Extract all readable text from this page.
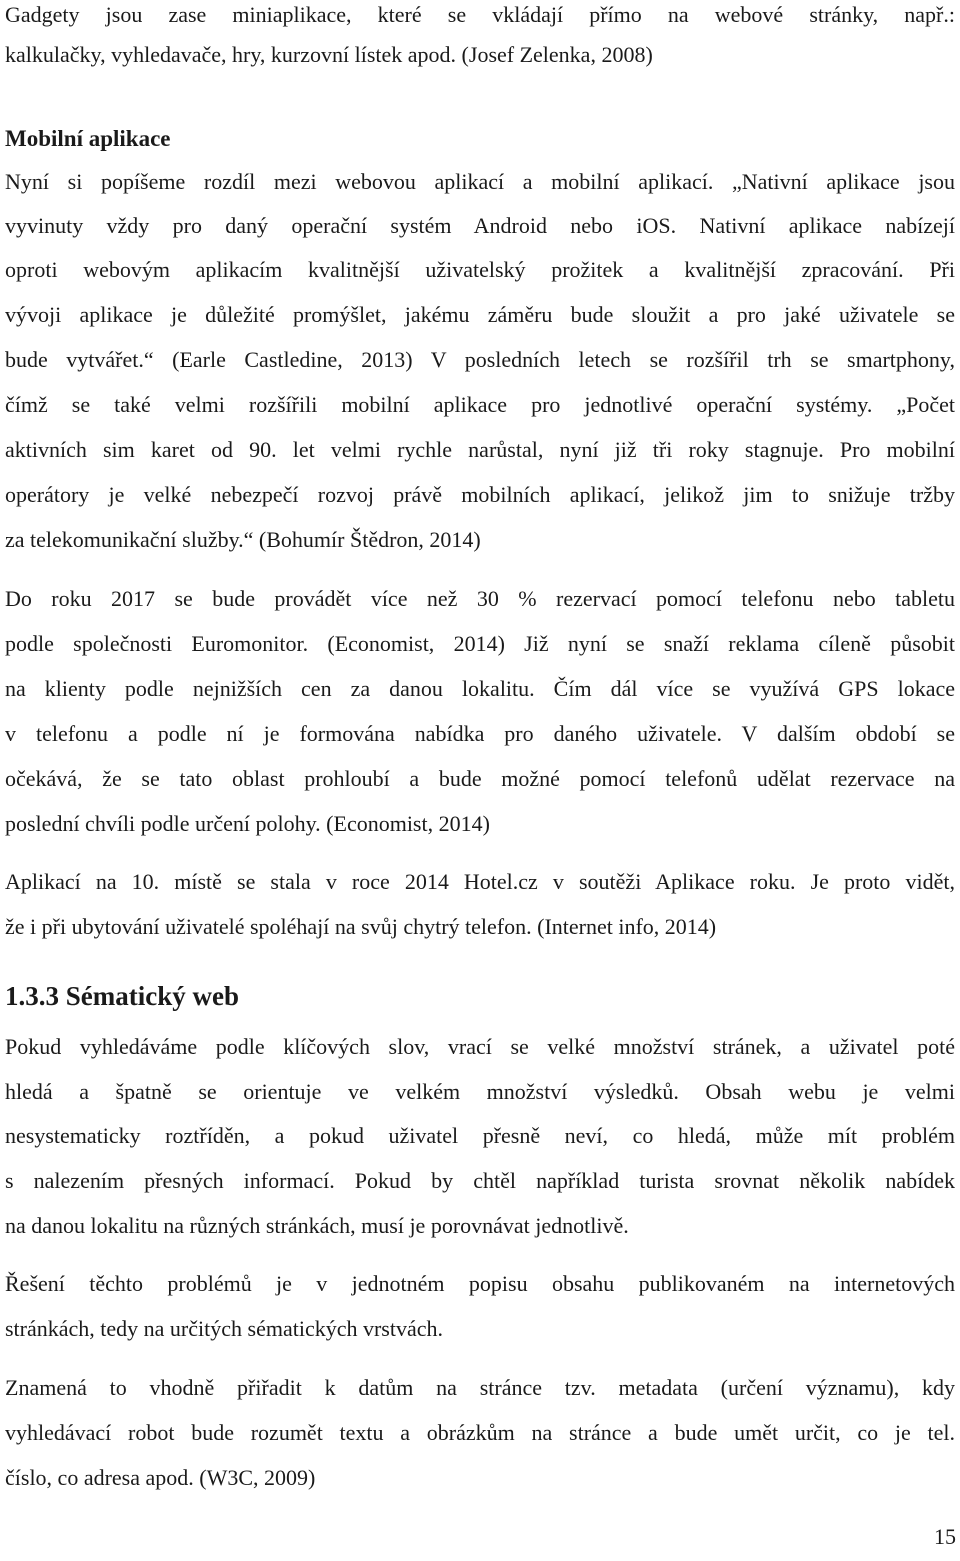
Gadgety jsou zase miniaplikace, které se vkládají přímo na webové stránky, např.:
kalkulačky, vyhledavače, hry, kurzovní lístek apod. (Josef Zelenka, 2008)
Mobilní aplikace
Nyní si popíšeme rozdíl mezi webovou aplikací a mobilní aplikací. „Nativní aplikace jsou
vyvinuty vždy pro daný operační systém Android nebo iOS. Nativní aplikace nabízejí
oproti webovým aplikacím kvalitnější uživatelský prožitek a kvalitnější zpracování. Při
vývoji aplikace je důležité promýšlet, jakému záměru bude sloužit a pro jaké uživatele se
bude vytvářet.“ (Earle Castledine, 2013) V posledních letech se rozšířil trh se smartphony,
čímž se také velmi rozšířili mobilní aplikace pro jednotlivé operační systémy. „Počet
aktivních sim karet od 90. let velmi rychle narůstal, nyní již tři roky stagnuje. Pro mobilní
operátory je velké nebezpečí rozvoj právě mobilních aplikací, jelikož jim to snižuje tržby
za telekomunikační služby.“ (Bohumír Štědron, 2014)
Do roku 2017 se bude provádět více než 30 % rezervací pomocí telefonu nebo tabletu
podle společnosti Euromonitor. (Economist, 2014) Již nyní se snaží reklama cíleně působit
na klienty podle nejnižších cen za danou lokalitu. Čím dál více se využívá GPS lokace
v telefonu a podle ní je formována nabídka pro daného uživatele. V dalším období se
očekává, že se tato oblast prohloubí a bude možné pomocí telefonů udělat rezervace na
poslední chvíli podle určení polohy. (Economist, 2014)
Aplikací na 10. místě se stala v roce 2014 Hotel.cz v soutěži Aplikace roku. Je proto vidět,
že i při ubytování uživatelé spoléhají na svůj chytrý telefon. (Internet info, 2014)
1.3.3 Sématický web
Pokud vyhledáváme podle klíčových slov, vrací se velké množství stránek, a uživatel poté
hledá a špatně se orientuje ve velkém množství výsledků. Obsah webu je velmi
nesystematicky roztříděn, a pokud uživatel přesně neví, co hledá, může mít problém
s nalezením přesných informací. Pokud by chtěl například turista srovnat několik nabídek
na danou lokalitu na různých stránkách, musí je porovnávat jednotlivě.
Řešení těchto problémů je v jednotném popisu obsahu publikovaném na internetových
stránkách, tedy na určitých sématických vrstvách.
Znamená to vhodně přiřadit k datům na stránce tzv. metadata (určení významu), kdy
vyhledávací robot bude rozumět textu a obrázkům na stránce a bude umět určit, co je tel.
číslo, co adresa apod. (W3C, 2009)
15
